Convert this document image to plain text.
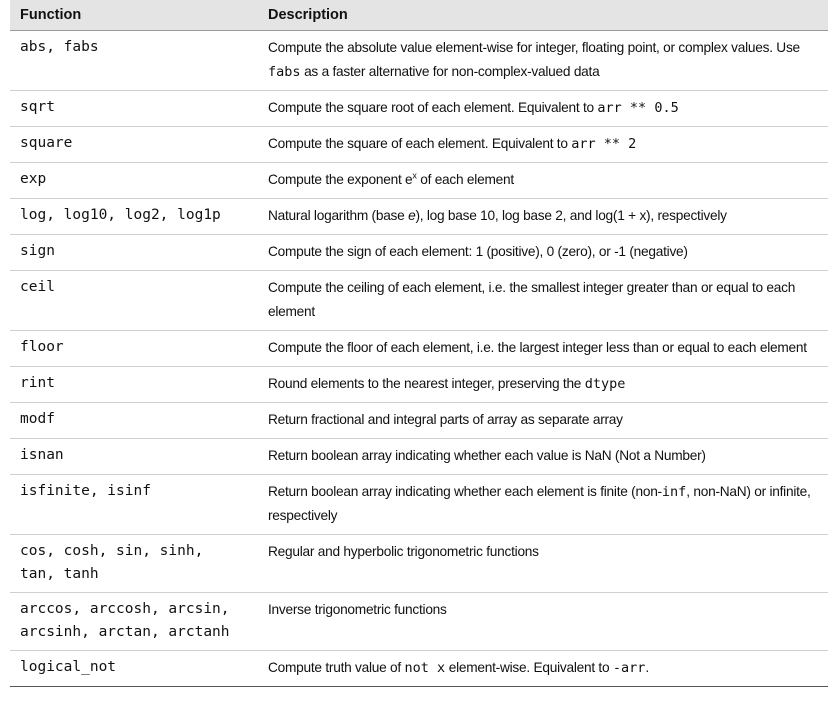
Function	Description
abs, fabs	Compute the absolute value element-wise for integer, floating point, or complex values. Use fabs as a faster alternative for non-complex-valued data
sqrt	Compute the square root of each element. Equivalent to arr ** 0.5
square	Compute the square of each element. Equivalent to arr ** 2
exp	Compute the exponent $e^x$ of each element
log, log10, log2, log1p	Natural logarithm (base e), log base 10, log base 2, and log(1 + x), respectively
sign	Compute the sign of each element: 1 (positive), 0 (zero), or -1 (negative)
ceil	Compute the ceiling of each element, i.e. the smallest integer greater than or equal to each element
floor	Compute the floor of each element, i.e. the largest integer less than or equal to each element
rint	Round elements to the nearest integer, preserving the dtype
modf	Return fractional and integral parts of array as separate array
isnan	Return boolean array indicating whether each value is NaN (Not a Number)
isfinite, isinf	Return boolean array indicating whether each element is finite (non-inf, non-NaN) or infinite, respectively
cos, cosh, sin, sinh,
tan, tanh	Regular and hyperbolic trigonometric functions
arccos, arccosh, arcsin,
arcsinh, arctan, arctanh	Inverse trigonometric functions
logical_not	Compute truth value of not x element-wise. Equivalent to -arr.
